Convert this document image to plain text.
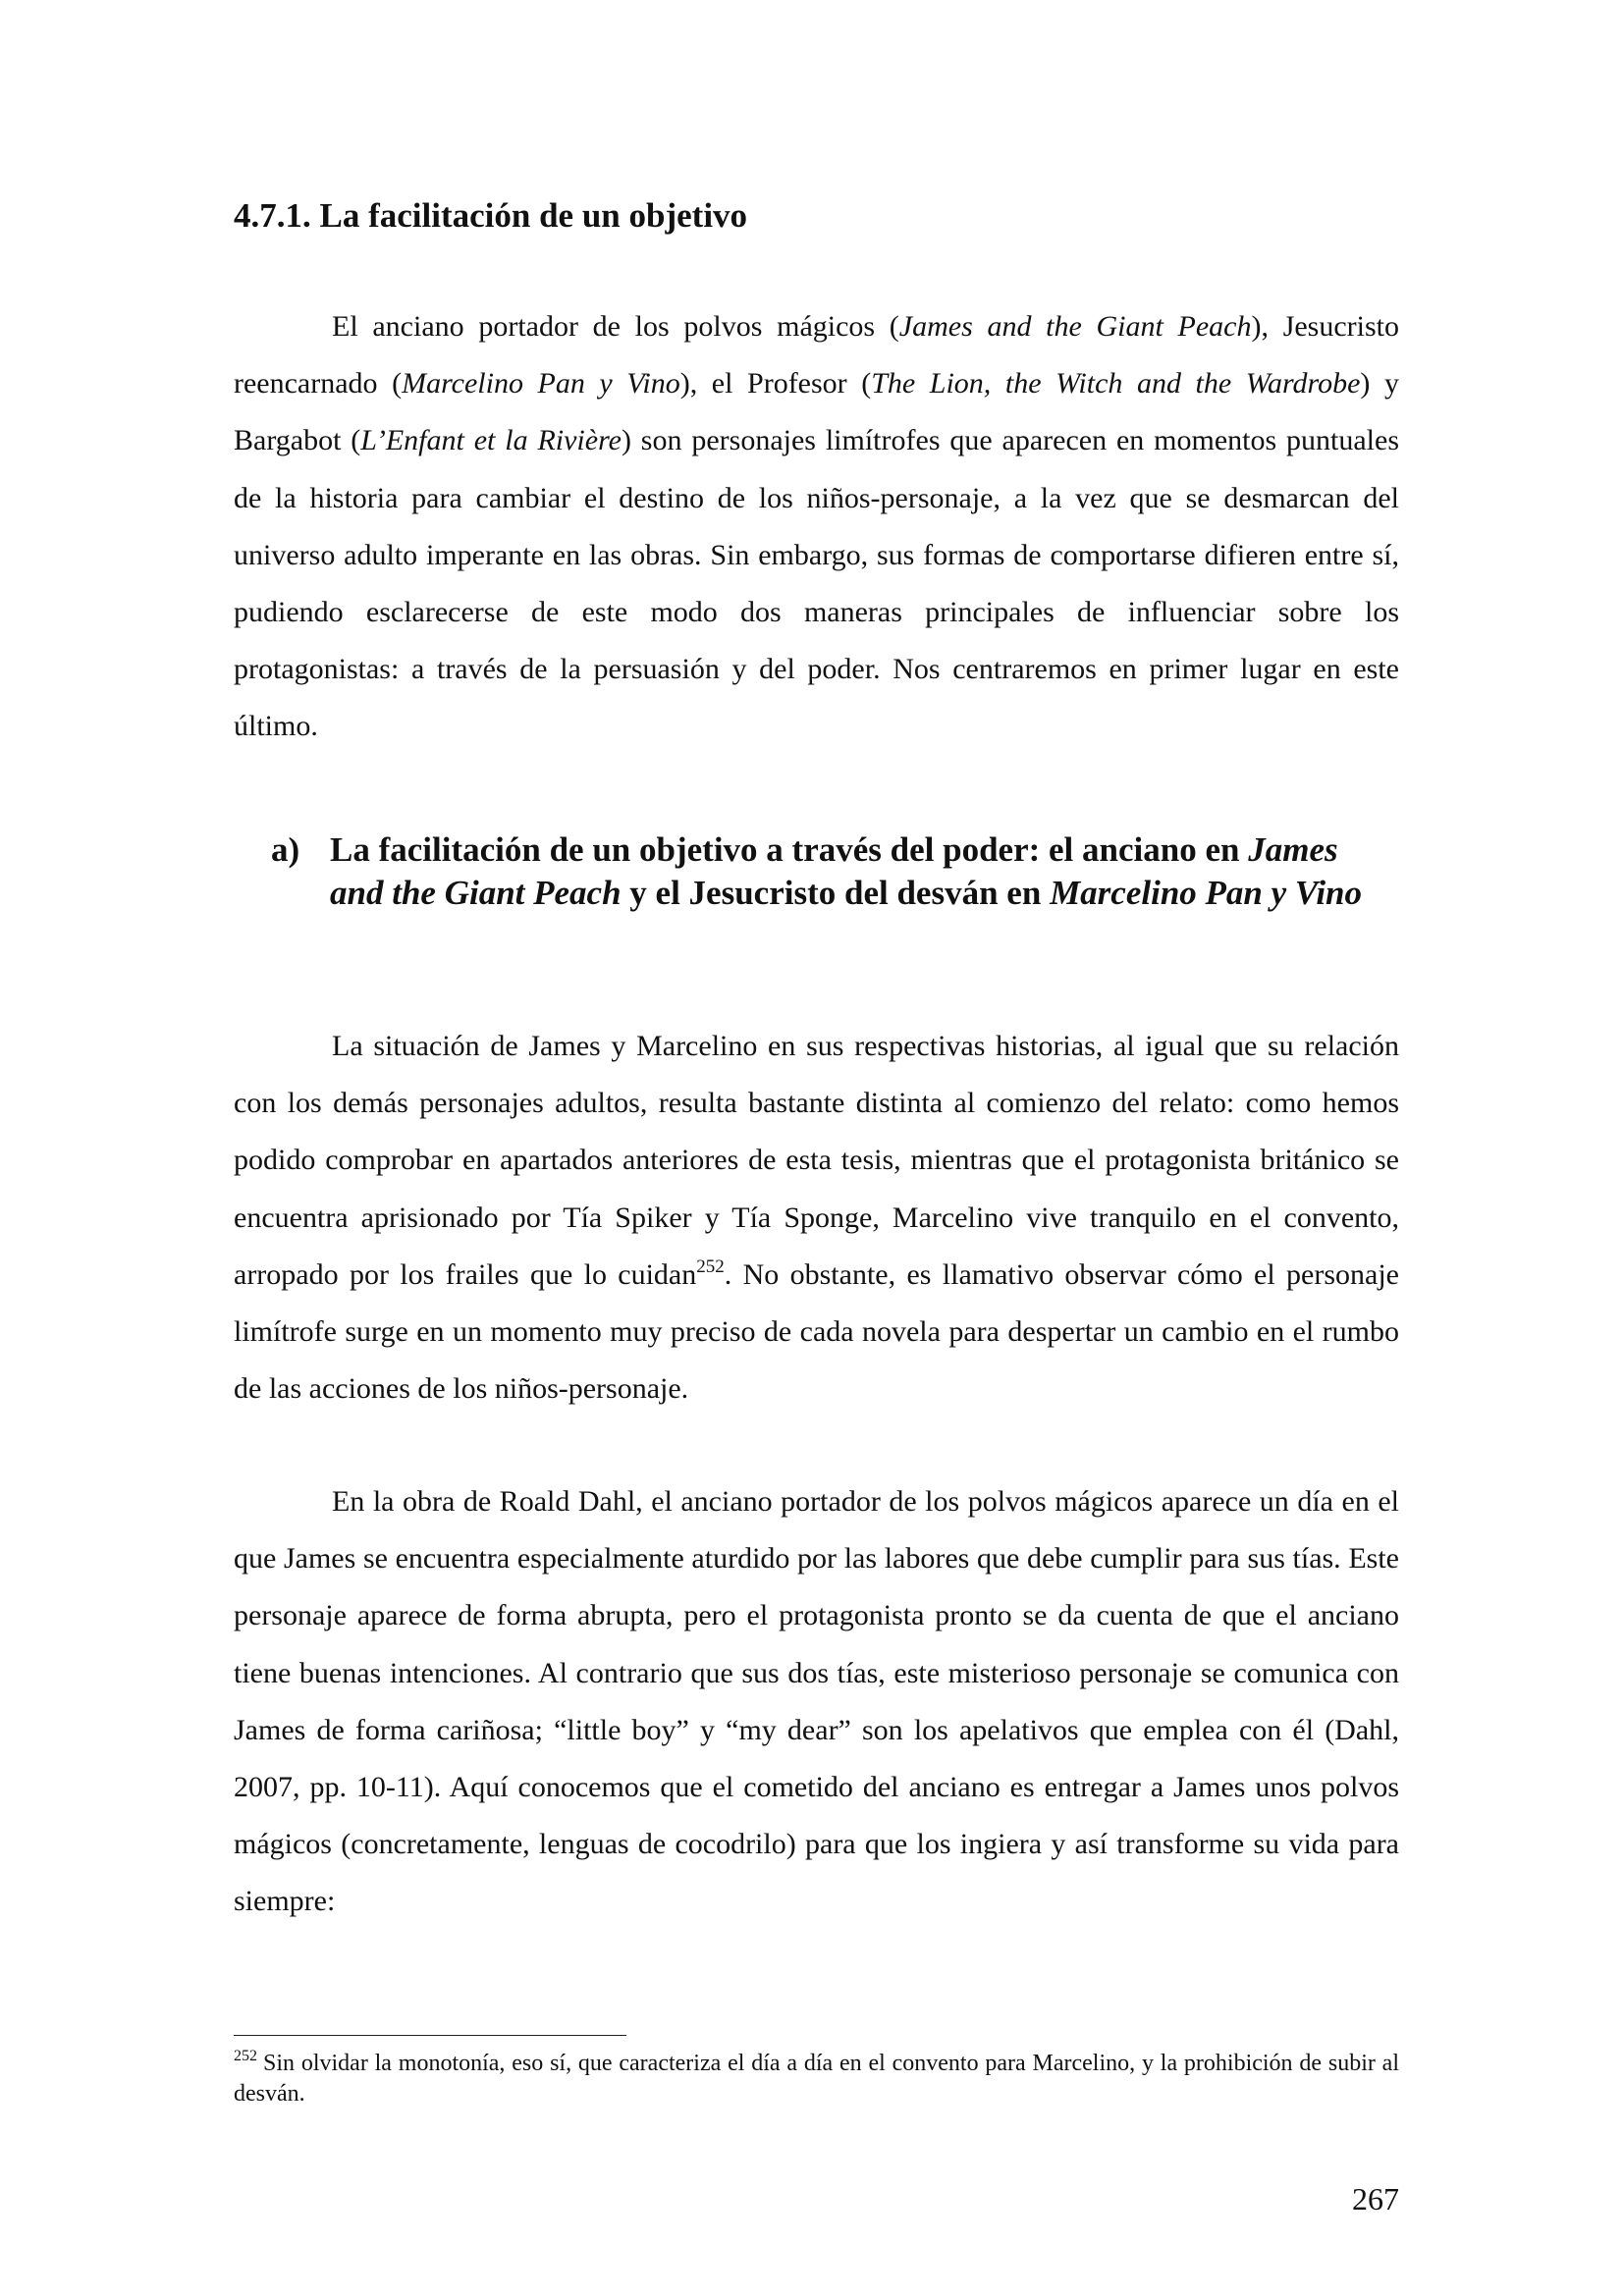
4.7.1. La facilitación de un objetivo

El anciano portador de los polvos mágicos (James and the Giant Peach), Jesucristo reencarnado (Marcelino Pan y Vino), el Profesor (The Lion, the Witch and the Wardrobe) y Bargabot (L’Enfant et la Rivière) son personajes limítrofes que aparecen en momentos puntuales de la historia para cambiar el destino de los niños-personaje, a la vez que se desmarcan del universo adulto imperante en las obras. Sin embargo, sus formas de comportarse difieren entre sí, pudiendo esclarecerse de este modo dos maneras principales de influenciar sobre los protagonistas: a través de la persuasión y del poder. Nos centraremos en primer lugar en este último.

a) La facilitación de un objetivo a través del poder: el anciano en James and the Giant Peach y el Jesucristo del desván en Marcelino Pan y Vino

La situación de James y Marcelino en sus respectivas historias, al igual que su relación con los demás personajes adultos, resulta bastante distinta al comienzo del relato: como hemos podido comprobar en apartados anteriores de esta tesis, mientras que el protagonista británico se encuentra aprisionado por Tía Spiker y Tía Sponge, Marcelino vive tranquilo en el convento, arropado por los frailes que lo cuidan$^{252}$. No obstante, es llamativo observar cómo el personaje limítrofe surge en un momento muy preciso de cada novela para despertar un cambio en el rumbo de las acciones de los niños-personaje.

En la obra de Roald Dahl, el anciano portador de los polvos mágicos aparece un día en el que James se encuentra especialmente aturdido por las labores que debe cumplir para sus tías. Este personaje aparece de forma abrupta, pero el protagonista pronto se da cuenta de que el anciano tiene buenas intenciones. Al contrario que sus dos tías, este misterioso personaje se comunica con James de forma cariñosa; “little boy” y “my dear” son los apelativos que emplea con él (Dahl, 2007, pp. 10-11). Aquí conocemos que el cometido del anciano es entregar a James unos polvos mágicos (concretamente, lenguas de cocodrilo) para que los ingiera y así transforme su vida para siempre:

$^{252}$ Sin olvidar la monotonía, eso sí, que caracteriza el día a día en el convento para Marcelino, y la prohibición de subir al desván.

267
